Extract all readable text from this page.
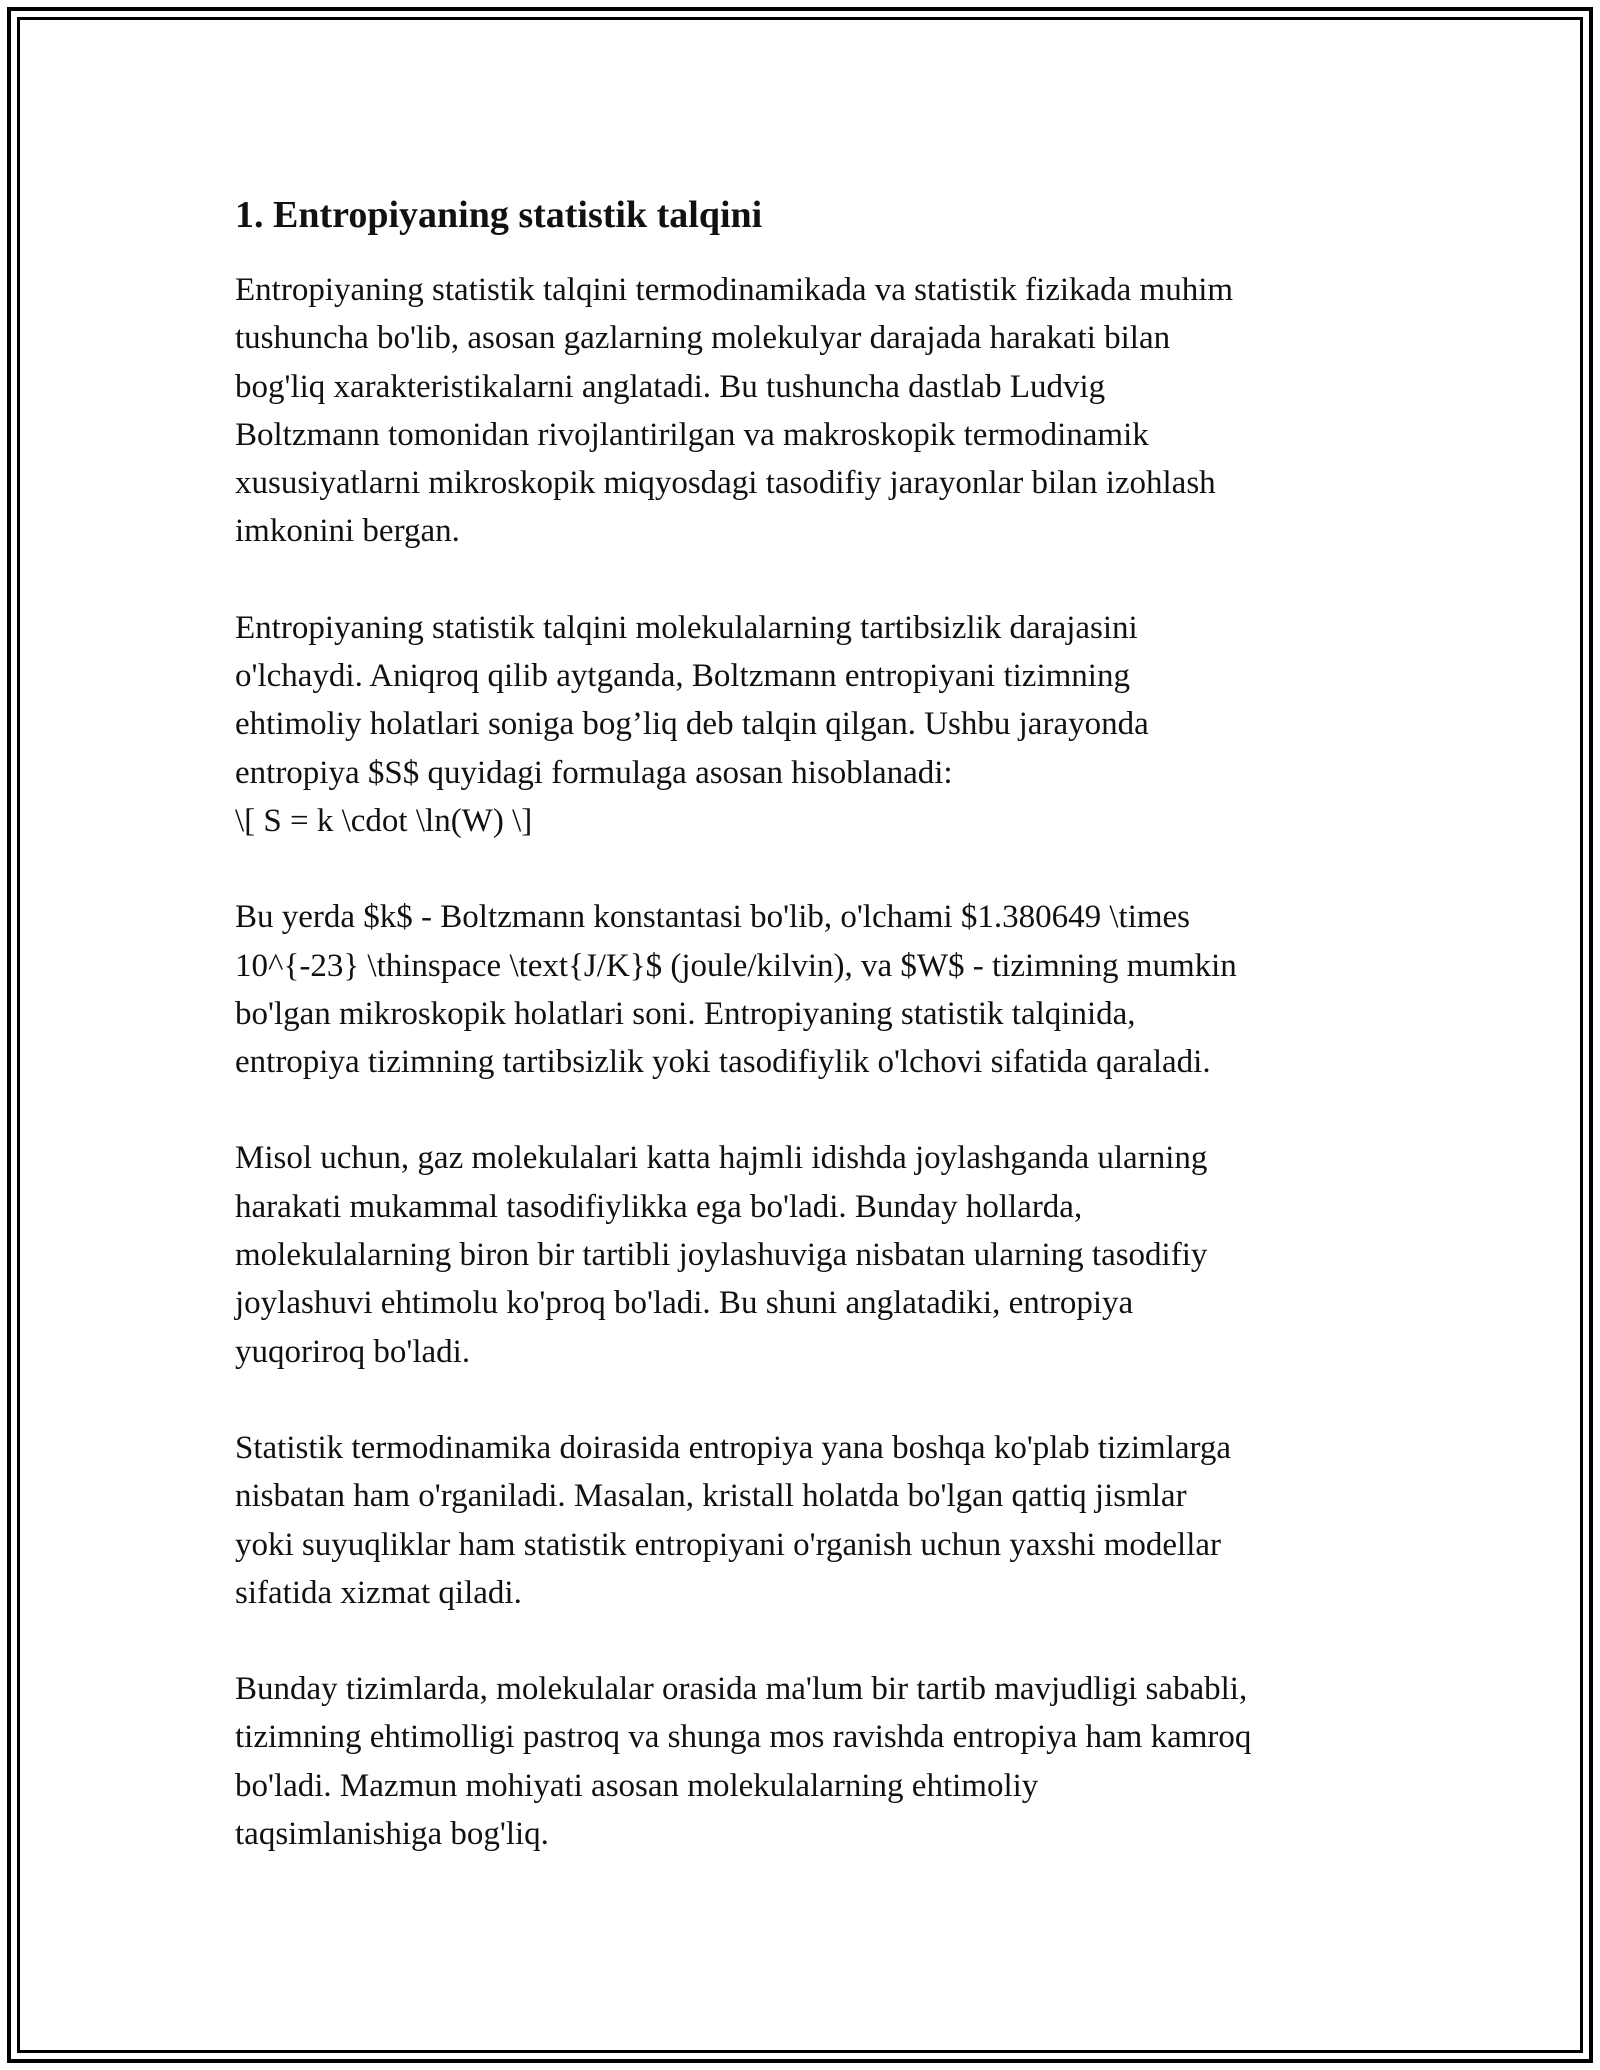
1. Entropiyaning statistik talqini

Entropiyaning statistik talqini termodinamikada va statistik fizikada muhim
tushuncha bo'lib, asosan gazlarning molekulyar darajada harakati bilan
bog'liq xarakteristikalarni anglatadi. Bu tushuncha dastlab Ludvig
Boltzmann tomonidan rivojlantirilgan va makroskopik termodinamik
xususiyatlarni mikroskopik miqyosdagi tasodifiy jarayonlar bilan izohlash
imkonini bergan.

Entropiyaning statistik talqini molekulalarning tartibsizlik darajasini
o'lchaydi. Aniqroq qilib aytganda, Boltzmann entropiyani tizimning
ehtimoliy holatlari soniga bog’liq deb talqin qilgan. Ushbu jarayonda
entropiya $S$ quyidagi formulaga asosan hisoblanadi:
\[ S = k \cdot \ln(W) \]

Bu yerda $k$ - Boltzmann konstantasi bo'lib, o'lchami $1.380649 \times
10^{-23} \thinspace \text{J/K}$ (joule/kilvin), va $W$ - tizimning mumkin
bo'lgan mikroskopik holatlari soni. Entropiyaning statistik talqinida,
entropiya tizimning tartibsizlik yoki tasodifiylik o'lchovi sifatida qaraladi.

Misol uchun, gaz molekulalari katta hajmli idishda joylashganda ularning
harakati mukammal tasodifiylikka ega bo'ladi. Bunday hollarda,
molekulalarning biron bir tartibli joylashuviga nisbatan ularning tasodifiy
joylashuvi ehtimolu ko'proq bo'ladi. Bu shuni anglatadiki, entropiya
yuqoriroq bo'ladi.

Statistik termodinamika doirasida entropiya yana boshqa ko'plab tizimlarga
nisbatan ham o'rganiladi. Masalan, kristall holatda bo'lgan qattiq jismlar
yoki suyuqliklar ham statistik entropiyani o'rganish uchun yaxshi modellar
sifatida xizmat qiladi.

Bunday tizimlarda, molekulalar orasida ma'lum bir tartib mavjudligi sababli,
tizimning ehtimolligi pastroq va shunga mos ravishda entropiya ham kamroq
bo'ladi. Mazmun mohiyati asosan molekulalarning ehtimoliy
taqsimlanishiga bog'liq.
